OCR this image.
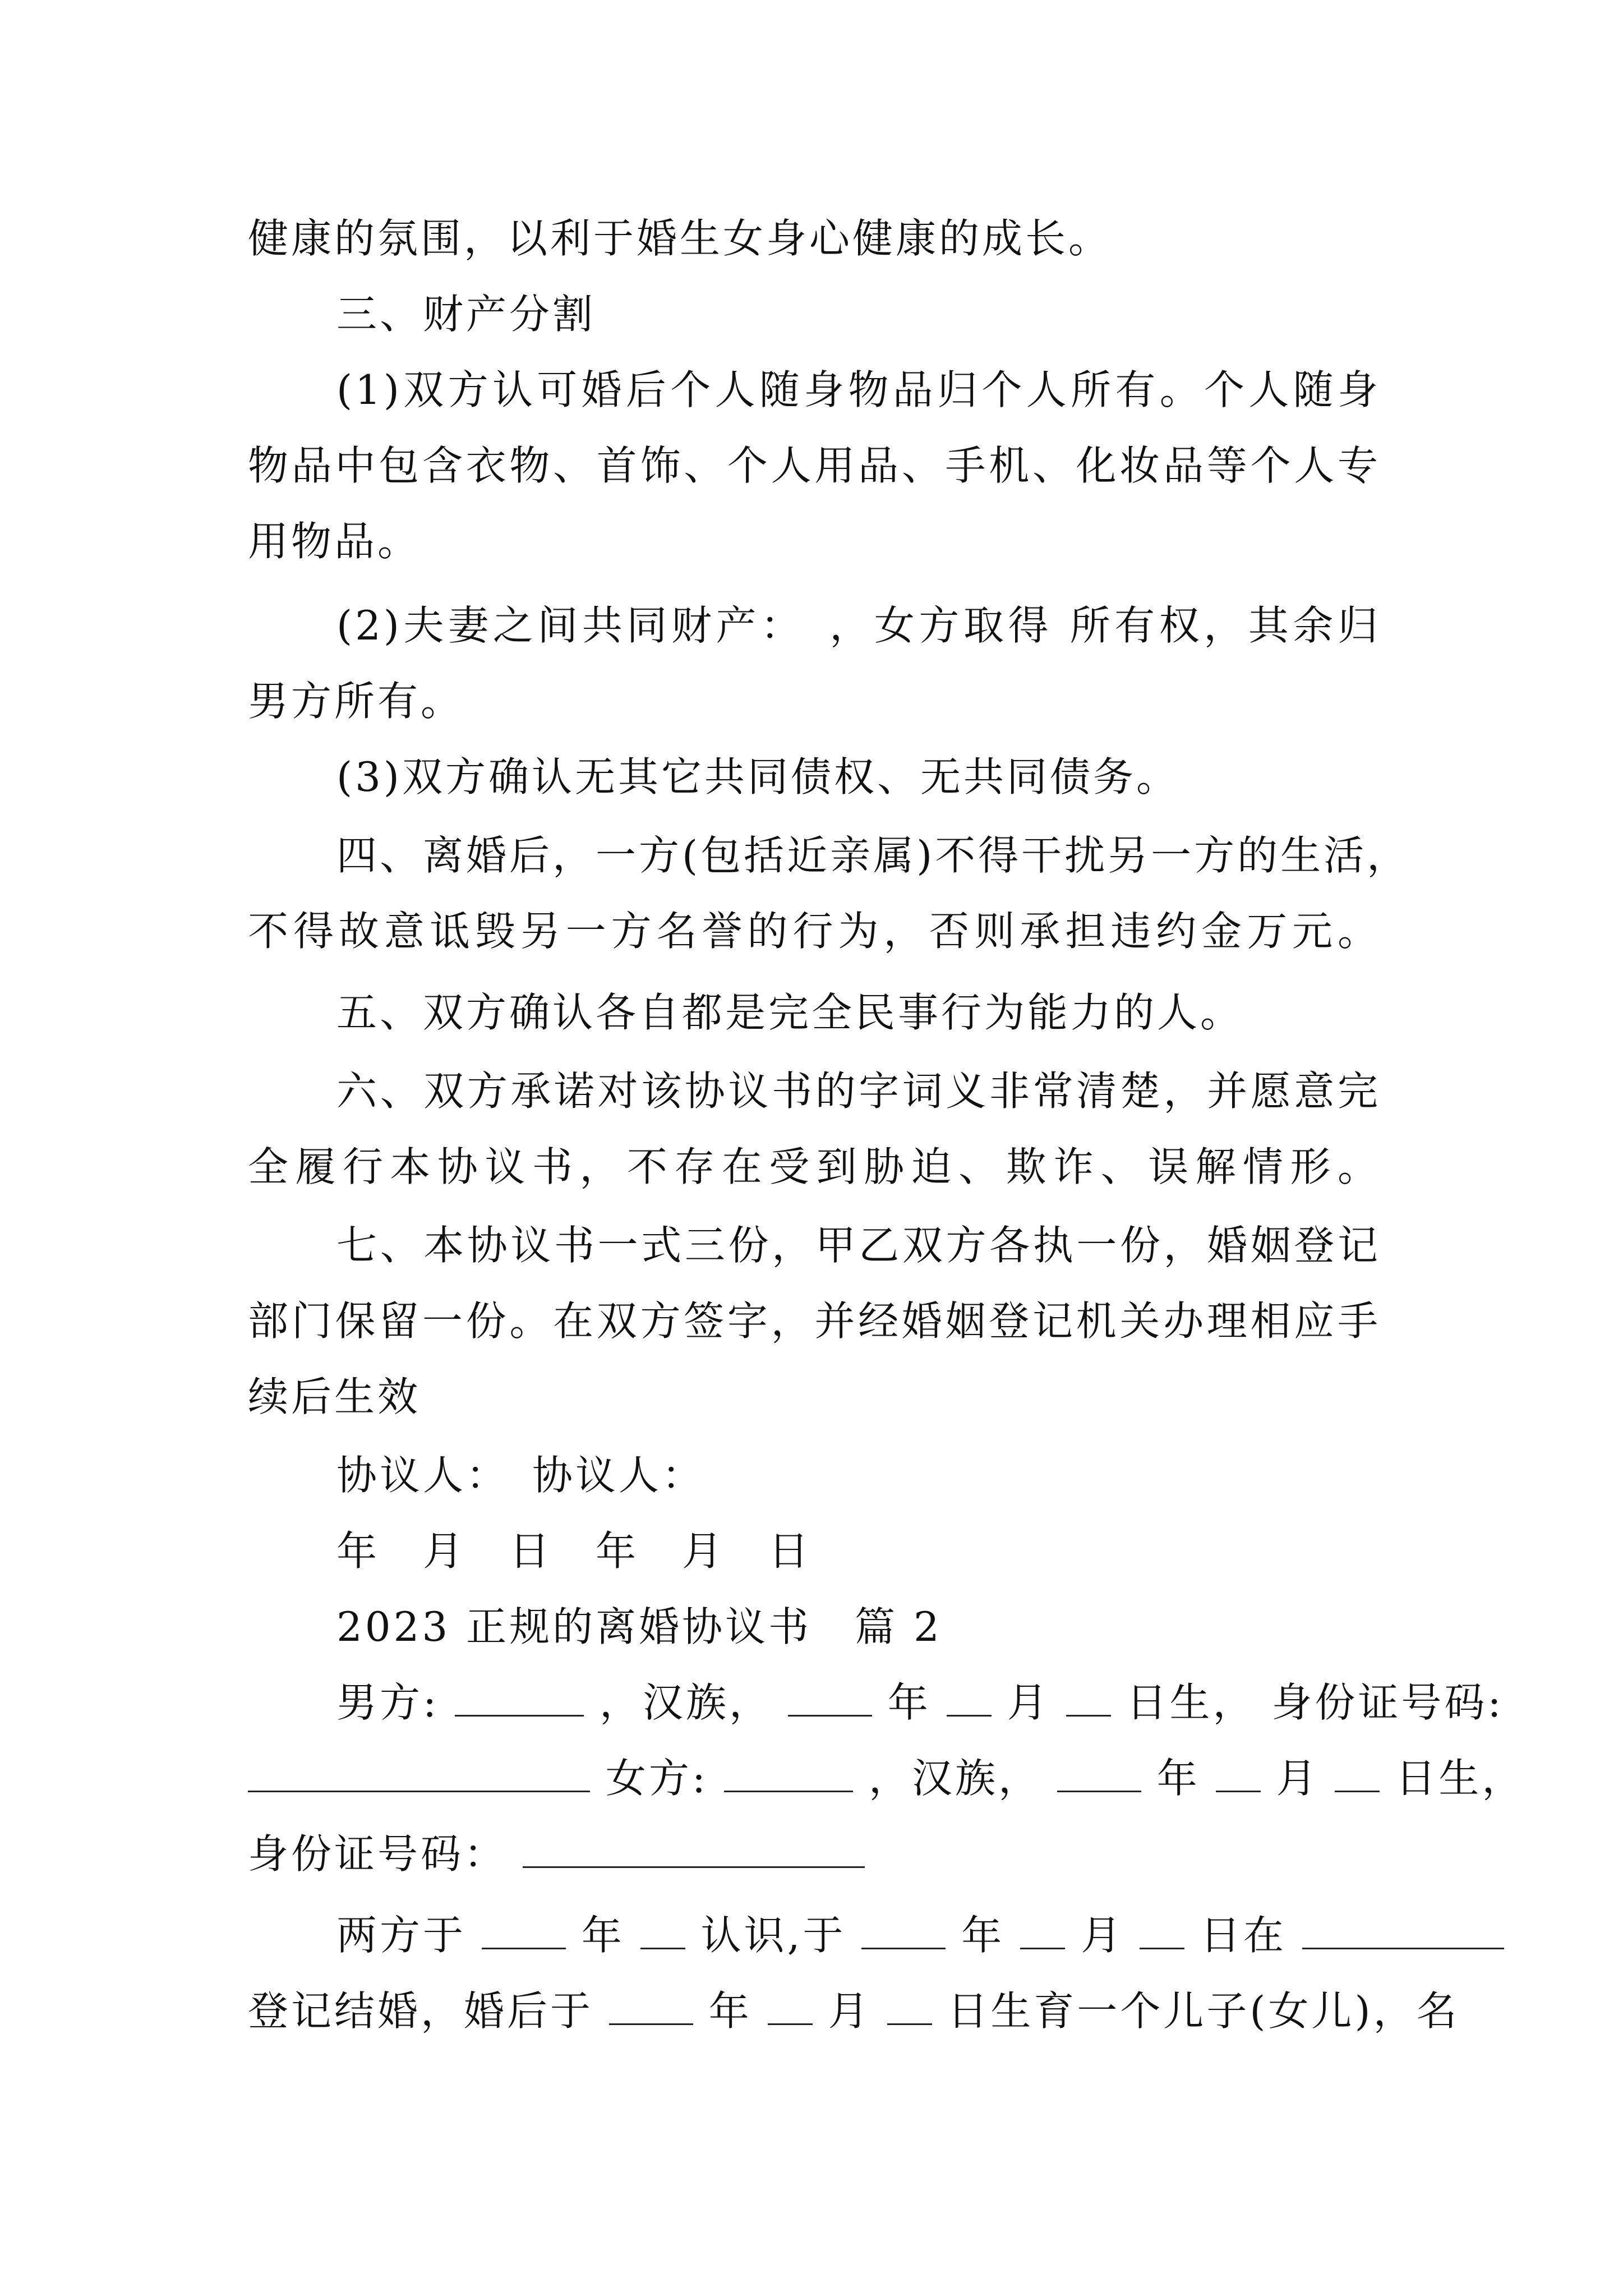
健康的氛围，以利于婚生女身心健康的成长。
三、财产分割
(1)双方认可婚后个人随身物品归个人所有。个人随身
物品中包含衣物、首饰、个人用品、手机、化妆品等个人专
用物品。
(2)夫妻之间共同财产：　，女方取得 所有权，其余归
男方所有。
(3)双方确认无其它共同债权、无共同债务。
四、离婚后，一方(包括近亲属)不得干扰另一方的生活，
不得故意诋毁另一方名誉的行为，否则承担违约金万元。
五、双方确认各自都是完全民事行为能力的人。
六、双方承诺对该协议书的字词义非常清楚，并愿意完
全履行本协议书，不存在受到胁迫、欺诈、误解情形。
七、本协议书一式三份，甲乙双方各执一份，婚姻登记
部门保留一份。在双方签字，并经婚姻登记机关办理相应手
续后生效
协议人：　协议人：
年　月　日　年　月　日
2023 正规的离婚协议书　篇 2
男方:	，汉族，	年 月 日生， 身份证号码:
女方:	，汉族，	年 月 日生，
身份证号码：
两方于	年 认识,于	年 月 日在
登记结婚，婚后于	年 月 日生育一个儿子(女儿)，名
